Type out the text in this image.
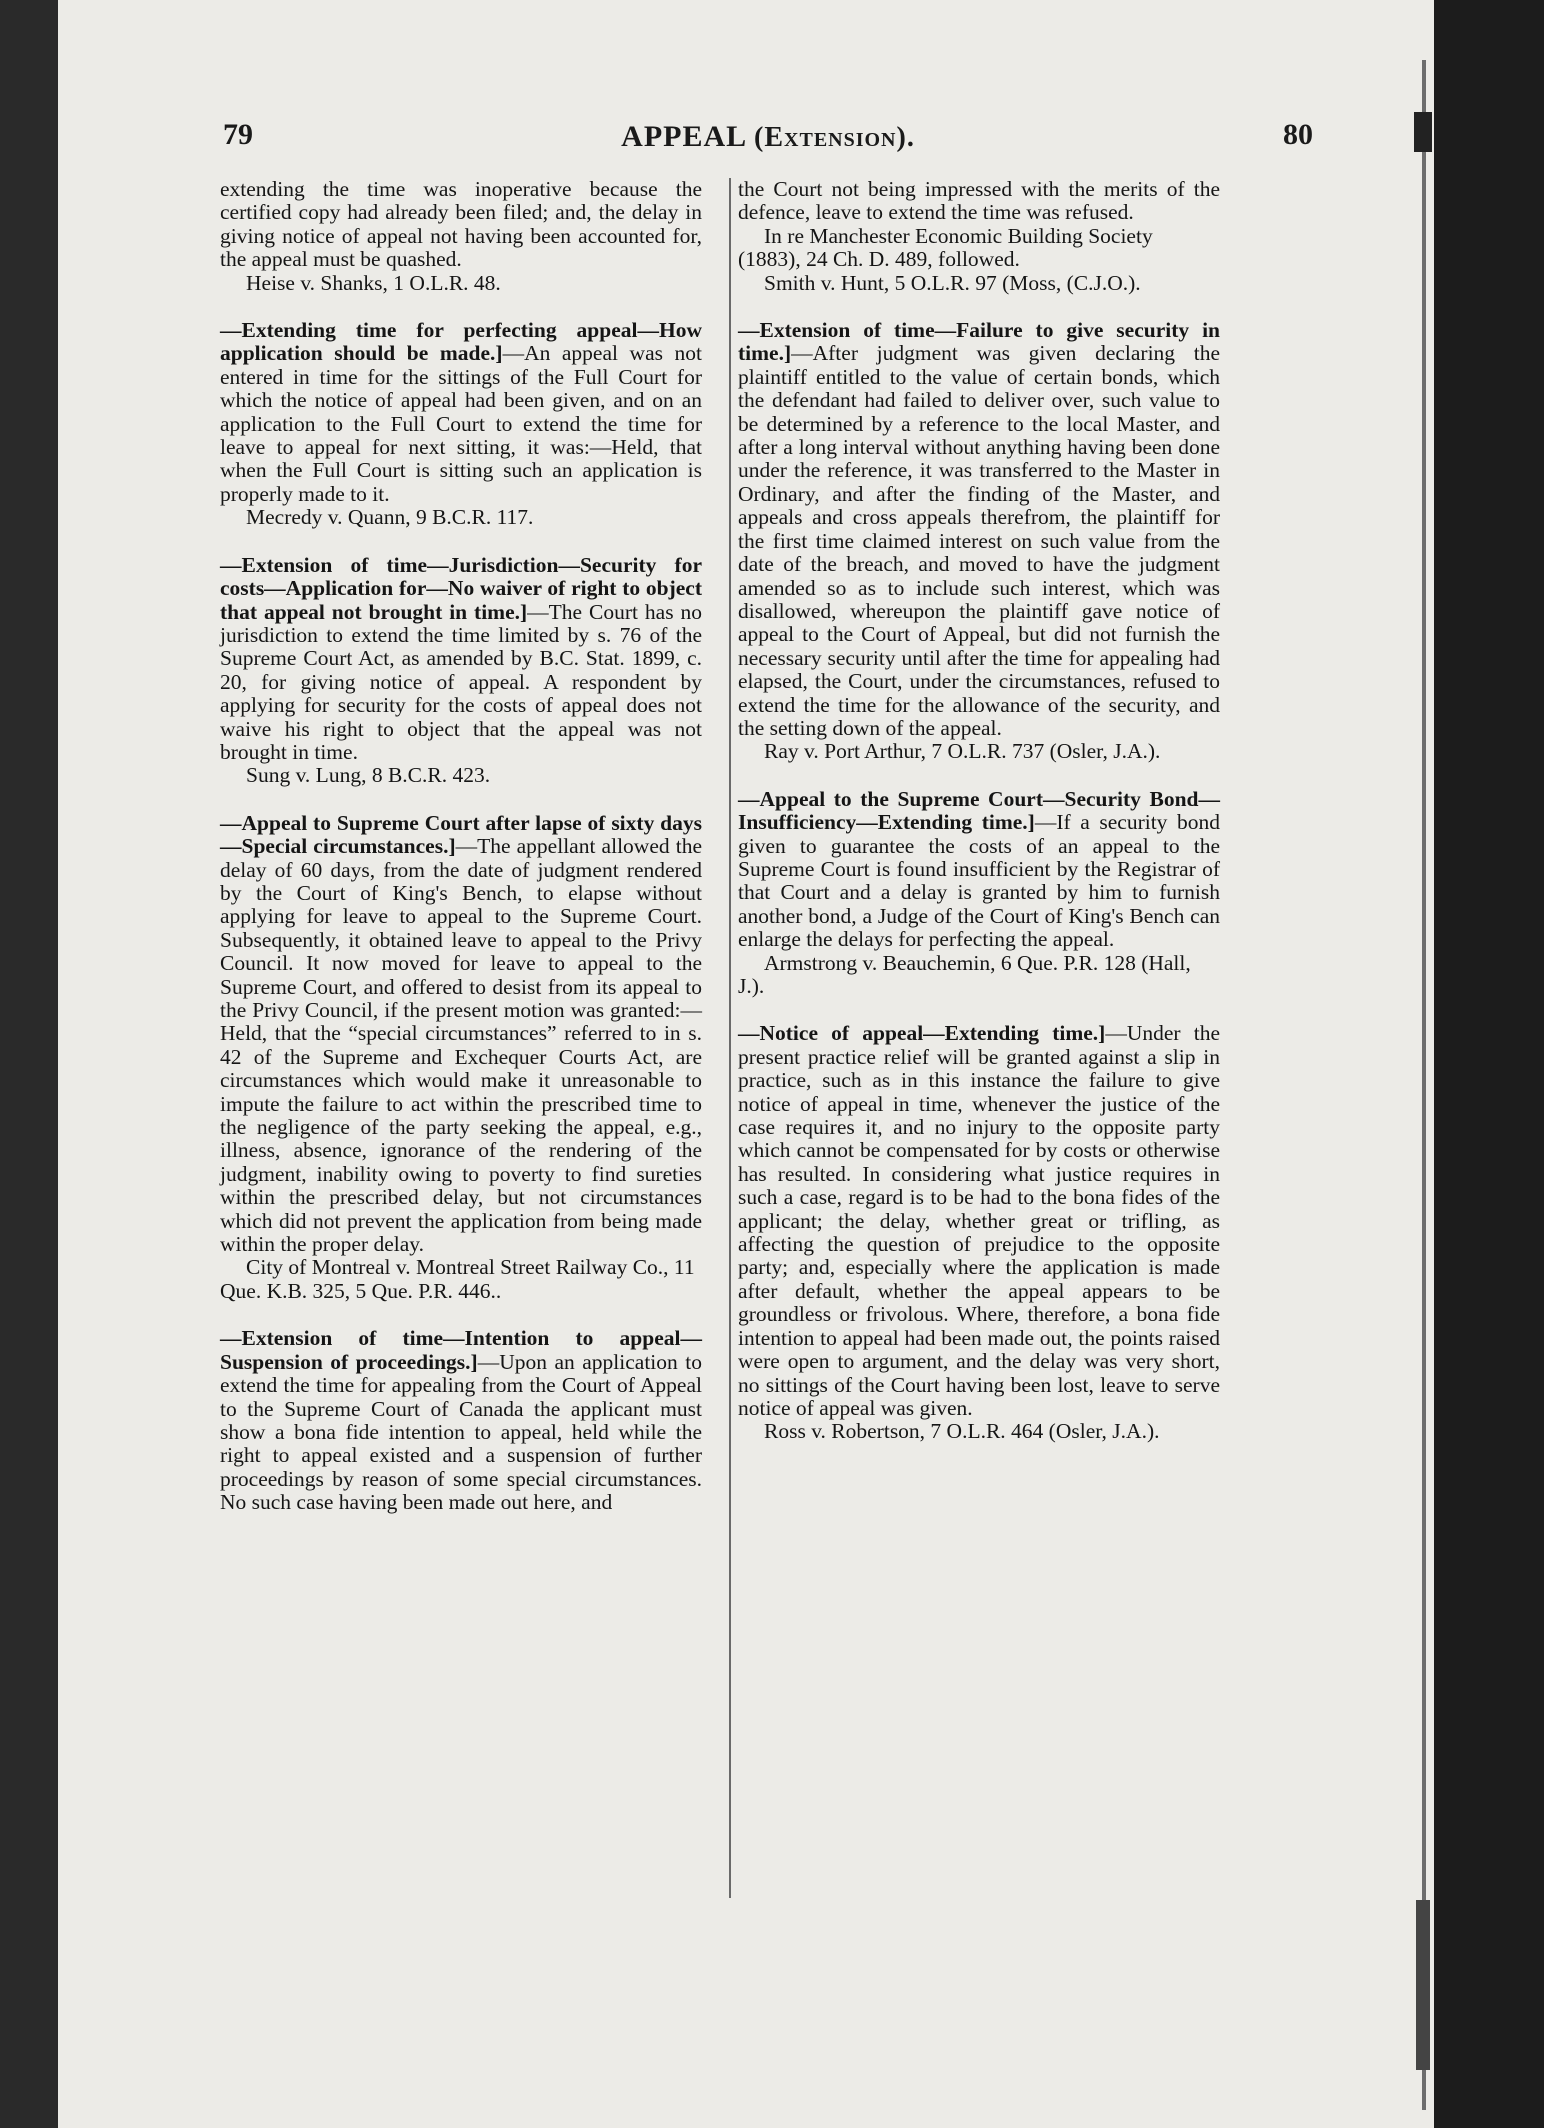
79	APPEAL (Extension).	80

extending the time was inoperative because the certified copy had already been filed; and, the delay in giving notice of appeal not having been accounted for, the appeal must be quashed.

Heise v. Shanks, 1 O.L.R. 48.

—Extending time for perfecting appeal—How application should be made.]—An appeal was not entered in time for the sittings of the Full Court for which the notice of appeal had been given, and on an application to the Full Court to extend the time for leave to appeal for next sitting, it was:—Held, that when the Full Court is sitting such an application is properly made to it.

Mecredy v. Quann, 9 B.C.R. 117.

—Extension of time—Jurisdiction—Security for costs—Application for—No waiver of right to object that appeal not brought in time.]—The Court has no jurisdiction to extend the time limited by s. 76 of the Supreme Court Act, as amended by B.C. Stat. 1899, c. 20, for giving notice of appeal. A respondent by applying for security for the costs of appeal does not waive his right to object that the appeal was not brought in time.

Sung v. Lung, 8 B.C.R. 423.

—Appeal to Supreme Court after lapse of sixty days—Special circumstances.]—The appellant allowed the delay of 60 days, from the date of judgment rendered by the Court of King's Bench, to elapse without applying for leave to appeal to the Supreme Court. Subsequently, it obtained leave to appeal to the Privy Council. It now moved for leave to appeal to the Supreme Court, and offered to desist from its appeal to the Privy Council, if the present motion was granted:—Held, that the “special circumstances” referred to in s. 42 of the Supreme and Exchequer Courts Act, are circumstances which would make it unreasonable to impute the failure to act within the prescribed time to the negligence of the party seeking the appeal, e.g., illness, absence, ignorance of the rendering of the judgment, inability owing to poverty to find sureties within the prescribed delay, but not circumstances which did not prevent the application from being made within the proper delay.

City of Montreal v. Montreal Street Railway Co., 11 Que. K.B. 325, 5 Que. P.R. 446..

—Extension of time—Intention to appeal—Suspension of proceedings.]—Upon an application to extend the time for appealing from the Court of Appeal to the Supreme Court of Canada the applicant must show a bona fide intention to appeal, held while the right to appeal existed and a suspension of further proceedings by reason of some special circumstances. No such case having been made out here, and

the Court not being impressed with the merits of the defence, leave to extend the time was refused.

In re Manchester Economic Building Society (1883), 24 Ch. D. 489, followed.

Smith v. Hunt, 5 O.L.R. 97 (Moss, (C.J.O.).

—Extension of time—Failure to give security in time.]—After judgment was given declaring the plaintiff entitled to the value of certain bonds, which the defendant had failed to deliver over, such value to be determined by a reference to the local Master, and after a long interval without anything having been done under the reference, it was transferred to the Master in Ordinary, and after the finding of the Master, and appeals and cross appeals therefrom, the plaintiff for the first time claimed interest on such value from the date of the breach, and moved to have the judgment amended so as to include such interest, which was disallowed, whereupon the plaintiff gave notice of appeal to the Court of Appeal, but did not furnish the necessary security until after the time for appealing had elapsed, the Court, under the circumstances, refused to extend the time for the allowance of the security, and the setting down of the appeal.

Ray v. Port Arthur, 7 O.L.R. 737 (Osler, J.A.).

—Appeal to the Supreme Court—Security Bond—Insufficiency—Extending time.]—If a security bond given to guarantee the costs of an appeal to the Supreme Court is found insufficient by the Registrar of that Court and a delay is granted by him to furnish another bond, a Judge of the Court of King's Bench can enlarge the delays for perfecting the appeal.

Armstrong v. Beauchemin, 6 Que. P.R. 128 (Hall, J.).

—Notice of appeal—Extending time.]—Under the present practice relief will be granted against a slip in practice, such as in this instance the failure to give notice of appeal in time, whenever the justice of the case requires it, and no injury to the opposite party which cannot be compensated for by costs or otherwise has resulted. In considering what justice requires in such a case, regard is to be had to the bona fides of the applicant; the delay, whether great or trifling, as affecting the question of prejudice to the opposite party; and, especially where the application is made after default, whether the appeal appears to be groundless or frivolous. Where, therefore, a bona fide intention to appeal had been made out, the points raised were open to argument, and the delay was very short, no sittings of the Court having been lost, leave to serve notice of appeal was given.

Ross v. Robertson, 7 O.L.R. 464 (Osler, J.A.).
